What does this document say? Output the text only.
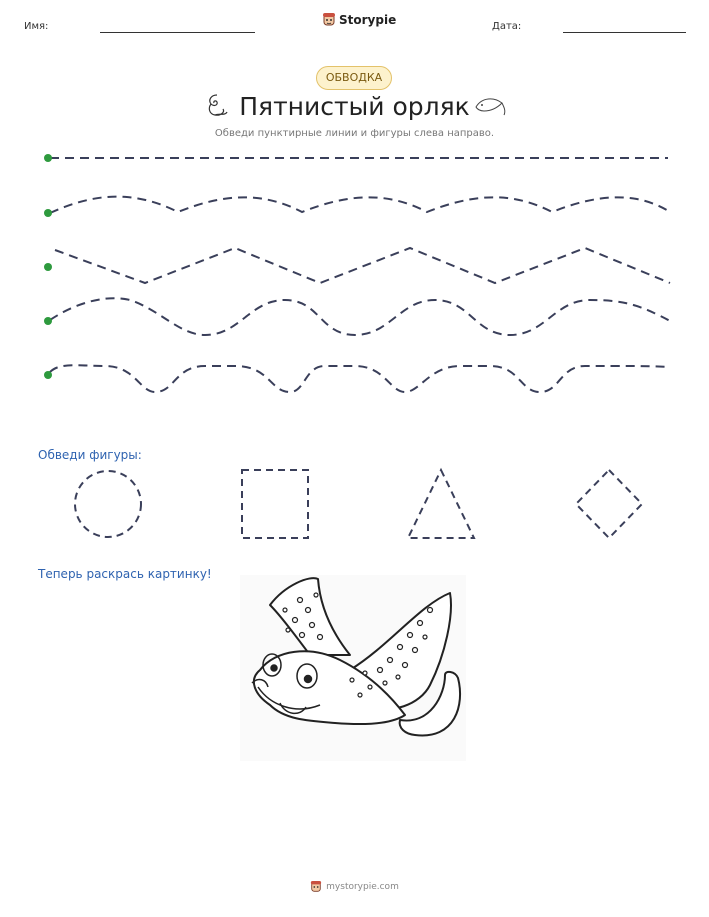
Имя:	Storypie	Дата:
ОБВОДКА
Пятнистый орляк
Обведи пунктирные линии и фигуры слева направо.
Обведи фигуры:
Теперь раскрась картинку!
mystorypie.com
